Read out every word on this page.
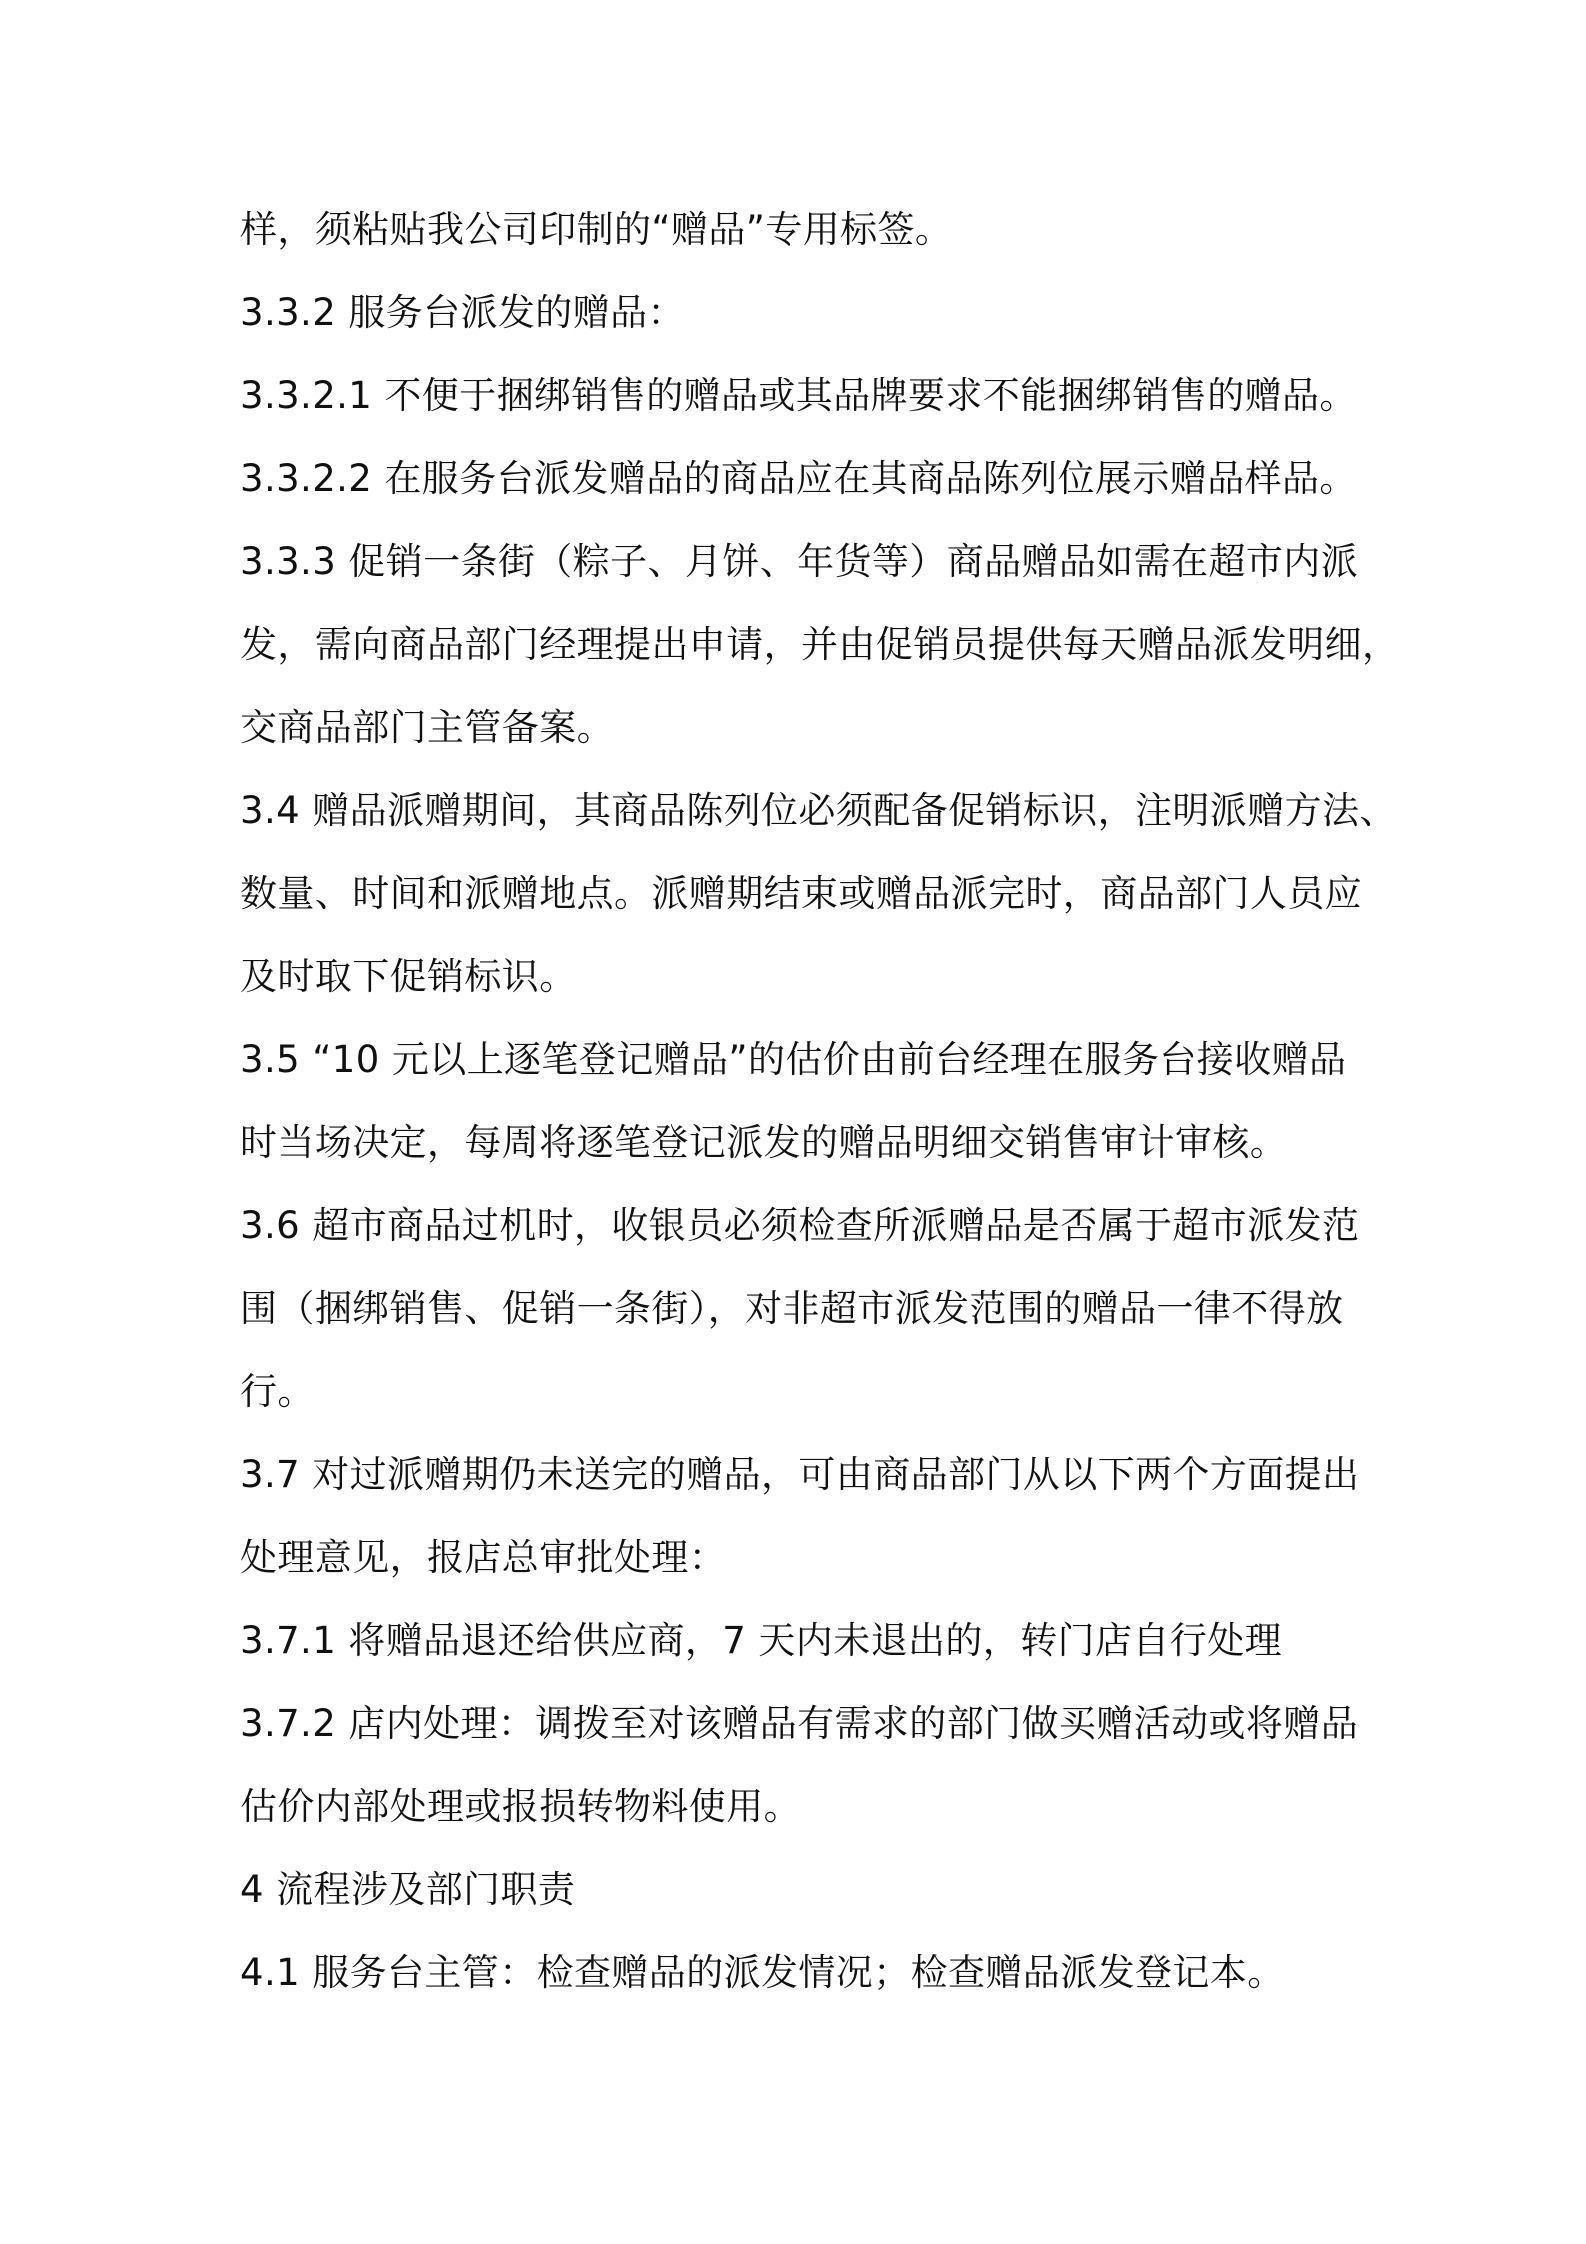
样，须粘贴我公司印制的“赠品”专用标签。
3.3.2 服务台派发的赠品：
3.3.2.1 不便于捆绑销售的赠品或其品牌要求不能捆绑销售的赠品。
3.3.2.2 在服务台派发赠品的商品应在其商品陈列位展示赠品样品。
3.3.3 促销一条街（粽子、月饼、年货等）商品赠品如需在超市内派
发，需向商品部门经理提出申请，并由促销员提供每天赠品派发明细，
交商品部门主管备案。
3.4 赠品派赠期间，其商品陈列位必须配备促销标识，注明派赠方法、
数量、时间和派赠地点。派赠期结束或赠品派完时，商品部门人员应
及时取下促销标识。
3.5 “10 元以上逐笔登记赠品”的估价由前台经理在服务台接收赠品
时当场决定，每周将逐笔登记派发的赠品明细交销售审计审核。
3.6 超市商品过机时，收银员必须检查所派赠品是否属于超市派发范
围（捆绑销售、促销一条街），对非超市派发范围的赠品一律不得放
行。
3.7 对过派赠期仍未送完的赠品，可由商品部门从以下两个方面提出
处理意见，报店总审批处理：
3.7.1 将赠品退还给供应商，7 天内未退出的，转门店自行处理
3.7.2 店内处理：调拨至对该赠品有需求的部门做买赠活动或将赠品
估价内部处理或报损转物料使用。
4 流程涉及部门职责
4.1 服务台主管：检查赠品的派发情况；检查赠品派发登记本。
